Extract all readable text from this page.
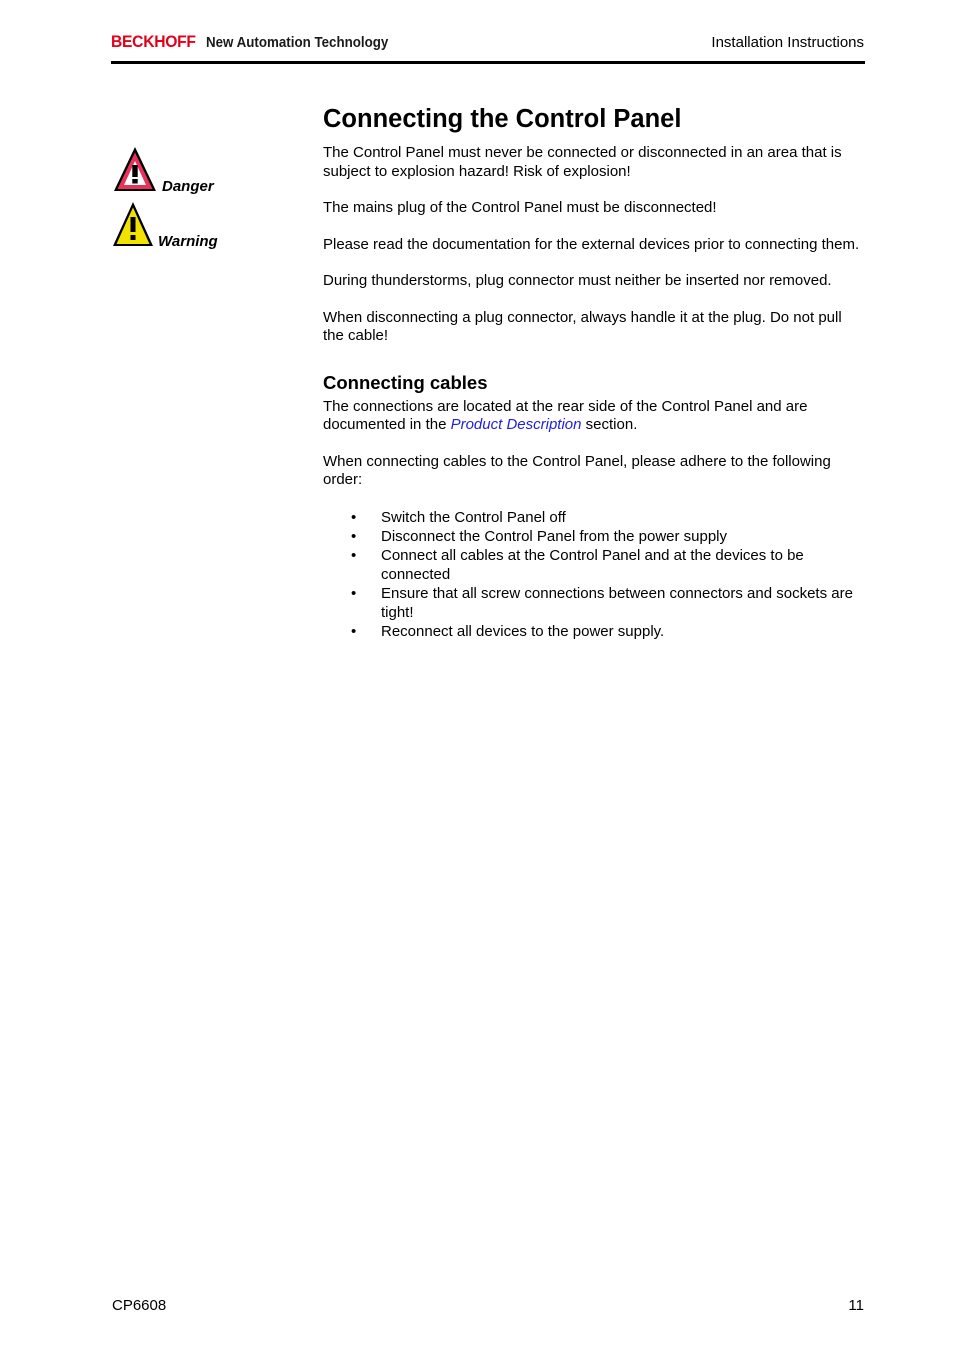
BECKHOFF New Automation Technology	Installation Instructions
Danger
Warning
Connecting the Control Panel

The Control Panel must never be connected or disconnected in an area that is subject to explosion hazard! Risk of explosion!

The mains plug of the Control Panel must be disconnected!

Please read the documentation for the external devices prior to connecting them.

During thunderstorms, plug connector must neither be inserted nor removed.

When disconnecting a plug connector, always handle it at the plug. Do not pull the cable!

Connecting cables

The connections are located at the rear side of the Control Panel and are documented in the Product Description section.

When connecting cables to the Control Panel, please adhere to the following order:

• Switch the Control Panel off
• Disconnect the Control Panel from the power supply
• Connect all cables at the Control Panel and at the devices to be connected
• Ensure that all screw connections between connectors and sockets are tight!
• Reconnect all devices to the power supply.
CP6608	11
